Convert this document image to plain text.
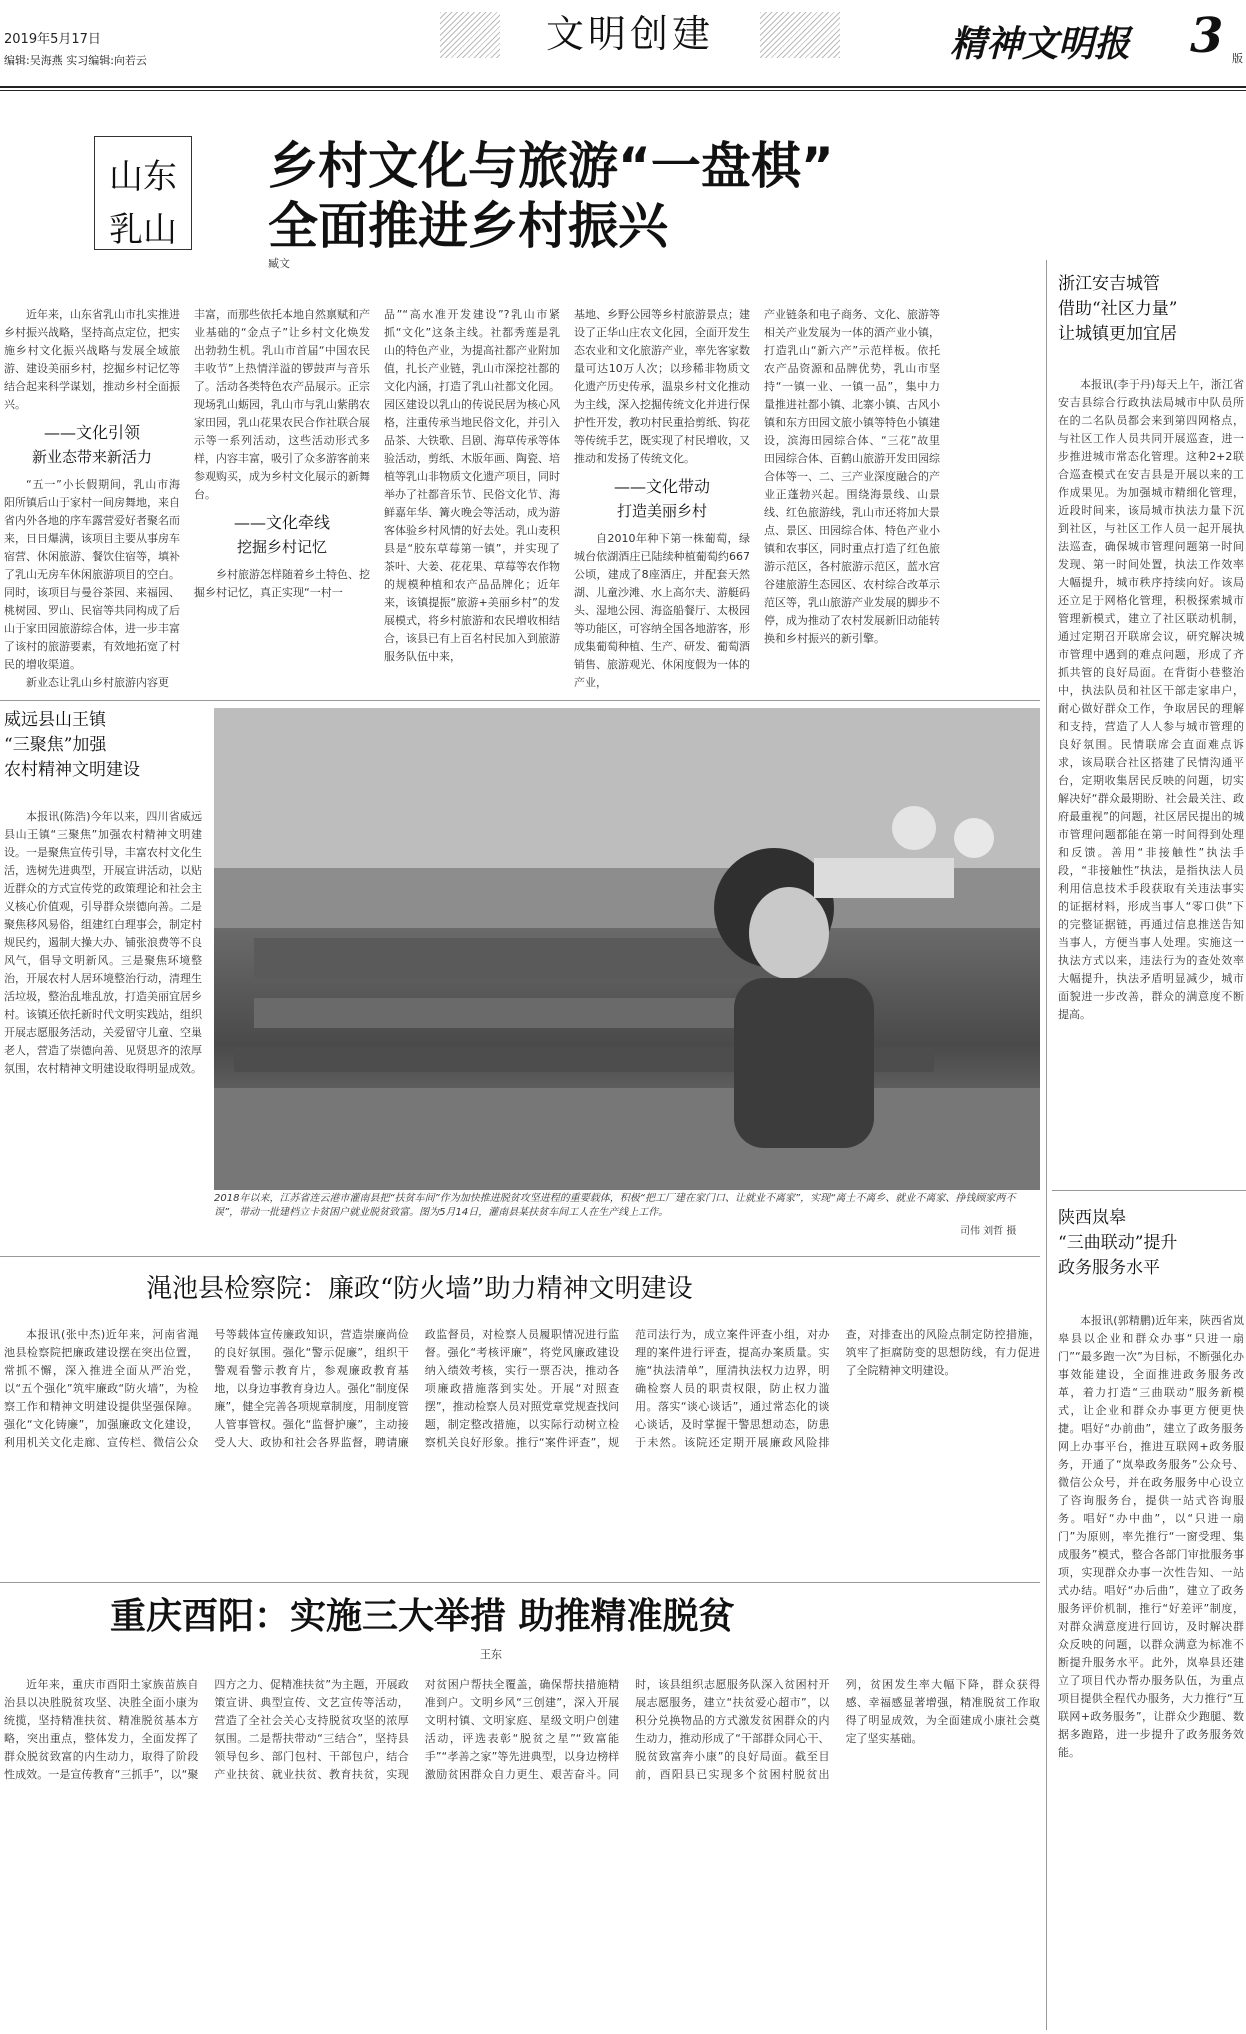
2019年5月17日
编辑:吴海燕 实习编辑:向若云
文明创建	精神文明报 3 版
山东
乳山
乡村文化与旅游“一盘棋”
全面推进乡村振兴
臧文

近年来，山东省乳山市扎实推进乡村振兴战略，坚持高点定位，把实施乡村文化振兴战略与发展全域旅游、建设美丽乡村，挖掘乡村记忆等结合起来科学谋划，推动乡村全面振兴。

——文化引领
新业态带来新活力

“五一”小长假期间，乳山市海阳所镇后山于家村一间房舞地，来自省内外各地的序车露营爱好者聚名而来，日日爆满，该项目主要从事房车宿营、休闲旅游、餐饮住宿等，填补了乳山无房车休闲旅游项目的空白。同时，该项目与曼谷茶园、来福园、桃树园、罗山、民宿等共同构成了后山于家田园旅游综合体，进一步丰富了该村的旅游要素，有效地拓宽了村民的增收渠道。

新业态让乳山乡村旅游内容更

丰富，而那些依托本地自然禀赋和产业基础的“金点子”让乡村文化焕发出勃勃生机。乳山市首届“中国农民丰收节”上热情洋溢的锣鼓声与音乐了。活动各类特色农产品展示。正宗现场乳山蛎园，乳山市与乳山紫鹃农家田园，乳山花果农民合作社联合展示等一系列活动，这些活动形式多样，内容丰富，吸引了众多游客前来参观购买，成为乡村文化展示的新舞台。

——文化牵线
挖掘乡村记忆

乡村旅游怎样随着乡土特色、挖掘乡村记忆，真正实现“一村一

品”“高水准开发建设”?乳山市紧抓“文化”这条主线。社都秀莲是乳山的特色产业，为提高社都产业附加值，扎长产业链，乳山市深挖社都的文化内涵，打造了乳山社都文化园。园区建设以乳山的传说民居为核心风格，注重传承当地民俗文化，并引入品茶、大铁歌、吕剧、海草传承等体验活动，剪纸、木版年画、陶瓷、培植等乳山非物质文化遗产项目，同时举办了社都音乐节、民俗文化节、海鲜嘉年华、篝火晚会等活动，成为游客体验乡村风情的好去处。乳山麦积县是“胶东草莓第一镇”，并实现了茶叶、大姜、花花果、草莓等农作物的规模种植和农产品品牌化；近年来，该镇提振“旅游+美丽乡村”的发展模式，将乡村旅游和农民增收相结合，该县已有上百名村民加入到旅游服务队伍中来，

基地、乡野公园等乡村旅游景点；建设了正华山庄农文化园，全面开发生态农业和文化旅游产业，率先客家数量可达10万人次；以珍稀非物质文化遗产历史传承，温泉乡村文化推动为主线，深入挖掘传统文化并进行保护性开发，教功村民重拾剪纸、钩花等传统手艺，既实现了村民增收，又推动和发扬了传统文化。

——文化带动
打造美丽乡村

自2010年种下第一株葡萄，绿城台依湖酒庄已陆续种植葡萄约667公顷，建成了8座酒庄，并配套天然湖、儿童沙滩、水上高尔夫、游艇码头、湿地公园、海盗船餐厅、太极园等功能区，可容纳全国各地游客，形成集葡萄种植、生产、研发、葡萄酒销售、旅游观光、休闲度假为一体的产业，

产业链条和电子商务、文化、旅游等相关产业发展为一体的酒产业小镇，打造乳山“新六产”示范样板。依托农产品资源和品牌优势，乳山市坚持“一镇一业、一镇一品”，集中力量推进社都小镇、北寨小镇、古风小镇和东方田园文旅小镇等特色小镇建设，滨海田园综合体、“三花”故里田园综合体、百鹤山旅游开发田园综合体等一、二、三产业深度融合的产业正蓬勃兴起。围绕海景线、山景线、红色旅游线，乳山市还将加大景点、景区、田园综合体、特色产业小镇和农事区，同时重点打造了红色旅游示范区，各村旅游示范区，蓝水宫谷建旅游生态园区、农村综合改革示范区等，乳山旅游产业发展的脚步不停，成为推动了农村发展新旧动能转换和乡村振兴的新引擎。

浙江安吉城管
借助“社区力量”
让城镇更加宜居

本报讯(李于丹)每天上午，浙江省安吉县综合行政执法局城市中队员所在的二名队员都会来到第四网格点，与社区工作人员共同开展巡查，进一步推进城市常态化管理。这种2+2联合巡查模式在安吉县是开展以来的工作成果见。为加强城市精细化管理，近段时间来，该局城市执法力量下沉到社区，与社区工作人员一起开展执法巡查，确保城市管理问题第一时间发现、第一时间处置，执法工作效率大幅提升，城市秩序持续向好。该局还立足于网格化管理，积极探索城市管理新模式，建立了社区联动机制，通过定期召开联席会议，研究解决城市管理中遇到的难点问题，形成了齐抓共管的良好局面。在背街小巷整治中，执法队员和社区干部走家串户，耐心做好群众工作，争取居民的理解和支持，营造了人人参与城市管理的良好氛围。民情联席会直面难点诉求，该局联合社区搭建了民情沟通平台，定期收集居民反映的问题，切实解决好“群众最期盼、社会最关注、政府最重视”的问题，社区居民提出的城市管理问题都能在第一时间得到处理和反馈。善用“非接触性”执法手段，“非接触性”执法，是指执法人员利用信息技术手段获取有关违法事实的证据材料，形成当事人“零口供”下的完整证据链，再通过信息推送告知当事人，方便当事人处理。实施这一执法方式以来，违法行为的查处效率大幅提升，执法矛盾明显减少，城市面貌进一步改善，群众的满意度不断提高。

陕西岚皋
“三曲联动”提升
政务服务水平

本报讯(郭精鹏)近年来，陕西省岚皋县以企业和群众办事“只进一扇门”“最多跑一次”为目标，不断强化办事效能建设，全面推进政务服务改革，着力打造“三曲联动”服务新模式，让企业和群众办事更方便更快捷。唱好“办前曲”，建立了政务服务网上办事平台，推进互联网+政务服务，开通了“岚皋政务服务”公众号、微信公众号，并在政务服务中心设立了咨询服务台，提供一站式咨询服务。唱好“办中曲”，以“只进一扇门”为原则，率先推行“一窗受理、集成服务”模式，整合各部门审批服务事项，实现群众办事一次性告知、一站式办结。唱好“办后曲”，建立了政务服务评价机制，推行“好差评”制度，对群众满意度进行回访，及时解决群众反映的问题，以群众满意为标准不断提升服务水平。此外，岚皋县还建立了项目代办帮办服务队伍，为重点项目提供全程代办服务，大力推行“互联网+政务服务”，让群众少跑腿、数据多跑路，进一步提升了政务服务效能。

威远县山王镇
“三聚焦”加强
农村精神文明建设

本报讯(陈浩)今年以来，四川省威远县山王镇“三聚焦”加强农村精神文明建设。一是聚焦宣传引导，丰富农村文化生活，选树先进典型，开展宣讲活动，以贴近群众的方式宣传党的政策理论和社会主义核心价值观，引导群众崇德向善。二是聚焦移风易俗，组建红白理事会，制定村规民约，遏制大操大办、铺张浪费等不良风气，倡导文明新风。三是聚焦环境整治，开展农村人居环境整治行动，清理生活垃圾，整治乱堆乱放，打造美丽宜居乡村。该镇还依托新时代文明实践站，组织开展志愿服务活动，关爱留守儿童、空巢老人，营造了崇德向善、见贤思齐的浓厚氛围，农村精神文明建设取得明显成效。

2018年以来，江苏省连云港市灌南县把“扶贫车间”作为加快推进脱贫攻坚进程的重要载体，积极“把工厂建在家门口、让就业不离家”，实现“离土不离乡、就业不离家、挣钱顾家两不误”，带动一批建档立卡贫困户就业脱贫致富。图为5月14日，灌南县某扶贫车间工人在生产线上工作。
司伟 刘哲 摄
渑池县检察院：廉政“防火墙”助力精神文明建设

本报讯(张中杰)近年来，河南省渑池县检察院把廉政建设摆在突出位置，常抓不懈，深入推进全面从严治党，以“五个强化”筑牢廉政“防火墙”，为检察工作和精神文明建设提供坚强保障。强化“文化铸廉”，加强廉政文化建设，利用机关文化走廊、宣传栏、微信公众号等载体宣传廉政知识，营造崇廉尚俭的良好氛围。强化“警示促廉”，组织干警观看警示教育片，参观廉政教育基地，以身边事教育身边人。强化“制度保廉”，健全完善各项规章制度，用制度管人管事管权。强化“监督护廉”，主动接受人大、政协和社会各界监督，聘请廉政监督员，对检察人员履职情况进行监督。强化“考核评廉”，将党风廉政建设纳入绩效考核，实行一票否决，推动各项廉政措施落到实处。开展“对照查摆”，推动检察人员对照党章党规查找问题，制定整改措施，以实际行动树立检察机关良好形象。推行“案件评查”，规范司法行为，成立案件评查小组，对办理的案件进行评查，提高办案质量。实施“执法清单”，厘清执法权力边界，明确检察人员的职责权限，防止权力滥用。落实“谈心谈话”，通过常态化的谈心谈话，及时掌握干警思想动态，防患于未然。该院还定期开展廉政风险排查，对排查出的风险点制定防控措施，筑牢了拒腐防变的思想防线，有力促进了全院精神文明建设。

重庆酉阳：实施三大举措 助推精准脱贫
王东

近年来，重庆市酉阳土家族苗族自治县以决胜脱贫攻坚、决胜全面小康为统揽，坚持精准扶贫、精准脱贫基本方略，突出重点，整体发力，全面发挥了群众脱贫致富的内生动力，取得了阶段性成效。一是宣传教育“三抓手”，以“聚四方之力、促精准扶贫”为主题，开展政策宣讲、典型宣传、文艺宣传等活动，营造了全社会关心支持脱贫攻坚的浓厚氛围。二是帮扶带动“三结合”，坚持县领导包乡、部门包村、干部包户，结合产业扶贫、就业扶贫、教育扶贫，实现对贫困户帮扶全覆盖，确保帮扶措施精准到户。文明乡风“三创建”，深入开展文明村镇、文明家庭、星级文明户创建活动，评选表彰“脱贫之星”“致富能手”“孝善之家”等先进典型，以身边榜样激励贫困群众自力更生、艰苦奋斗。同时，该县组织志愿服务队深入贫困村开展志愿服务，建立“扶贫爱心超市”，以积分兑换物品的方式激发贫困群众的内生动力，推动形成了“干部群众同心干、脱贫致富奔小康”的良好局面。截至目前，酉阳县已实现多个贫困村脱贫出列，贫困发生率大幅下降，群众获得感、幸福感显著增强，精准脱贫工作取得了明显成效，为全面建成小康社会奠定了坚实基础。
